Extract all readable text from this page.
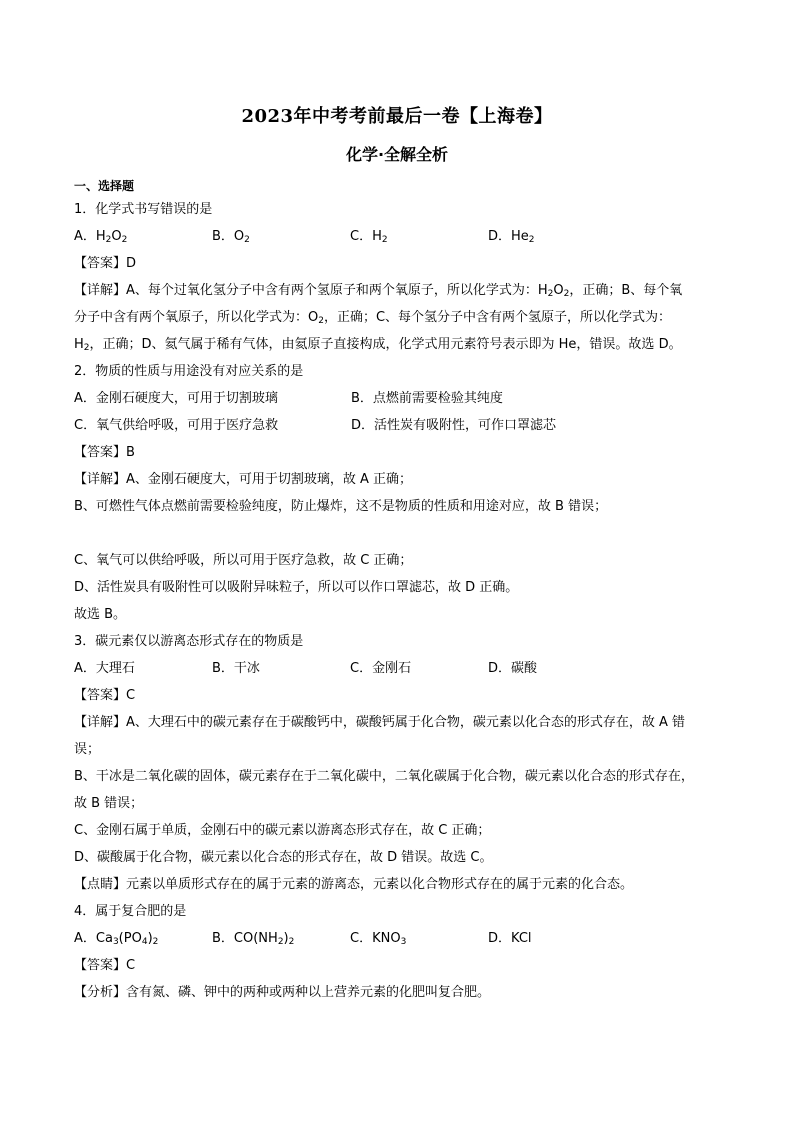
2023年中考考前最后一卷【上海卷】
化学·全解全析
一、选择题
1．化学式书写错误的是
A．$H_2O_2$	B．$O_2$	C．$H_2$	D．$He_2$
【答案】D
【详解】A、每个过氧化氢分子中含有两个氢原子和两个氧原子，所以化学式为：$H_2O_2$，正确；B、每个氧
分子中含有两个氧原子，所以化学式为：$O_2$，正确；C、每个氢分子中含有两个氢原子，所以化学式为：
$H_2$，正确；D、氦气属于稀有气体，由氦原子直接构成，化学式用元素符号表示即为 He，错误。故选 D。
2．物质的性质与用途没有对应关系的是
A．金刚石硬度大，可用于切割玻璃	B．点燃前需要检验其纯度
C．氧气供给呼吸，可用于医疗急救	D．活性炭有吸附性，可作口罩滤芯
【答案】B
【详解】A、金刚石硬度大，可用于切割玻璃，故 A 正确；
B、可燃性气体点燃前需要检验纯度，防止爆炸，这不是物质的性质和用途对应，故 B 错误；
C、氧气可以供给呼吸，所以可用于医疗急救，故 C 正确；
D、活性炭具有吸附性可以吸附异味粒子，所以可以作口罩滤芯，故 D 正确。
故选 B。
3．碳元素仅以游离态形式存在的物质是
A．大理石	B．干冰	C．金刚石	D．碳酸
【答案】C
【详解】A、大理石中的碳元素存在于碳酸钙中，碳酸钙属于化合物，碳元素以化合态的形式存在，故 A 错
误；
B、干冰是二氧化碳的固体，碳元素存在于二氧化碳中，二氧化碳属于化合物，碳元素以化合态的形式存在，
故 B 错误；
C、金刚石属于单质，金刚石中的碳元素以游离态形式存在，故 C 正确；
D、碳酸属于化合物，碳元素以化合态的形式存在，故 D 错误。故选 C。
【点睛】元素以单质形式存在的属于元素的游离态，元素以化合物形式存在的属于元素的化合态。
4．属于复合肥的是
A．$Ca_3(PO_4)_2$	B．$CO(NH_2)_2$	C．$KNO_3$	D．KCl
【答案】C
【分析】含有氮、磷、钾中的两种或两种以上营养元素的化肥叫复合肥。
